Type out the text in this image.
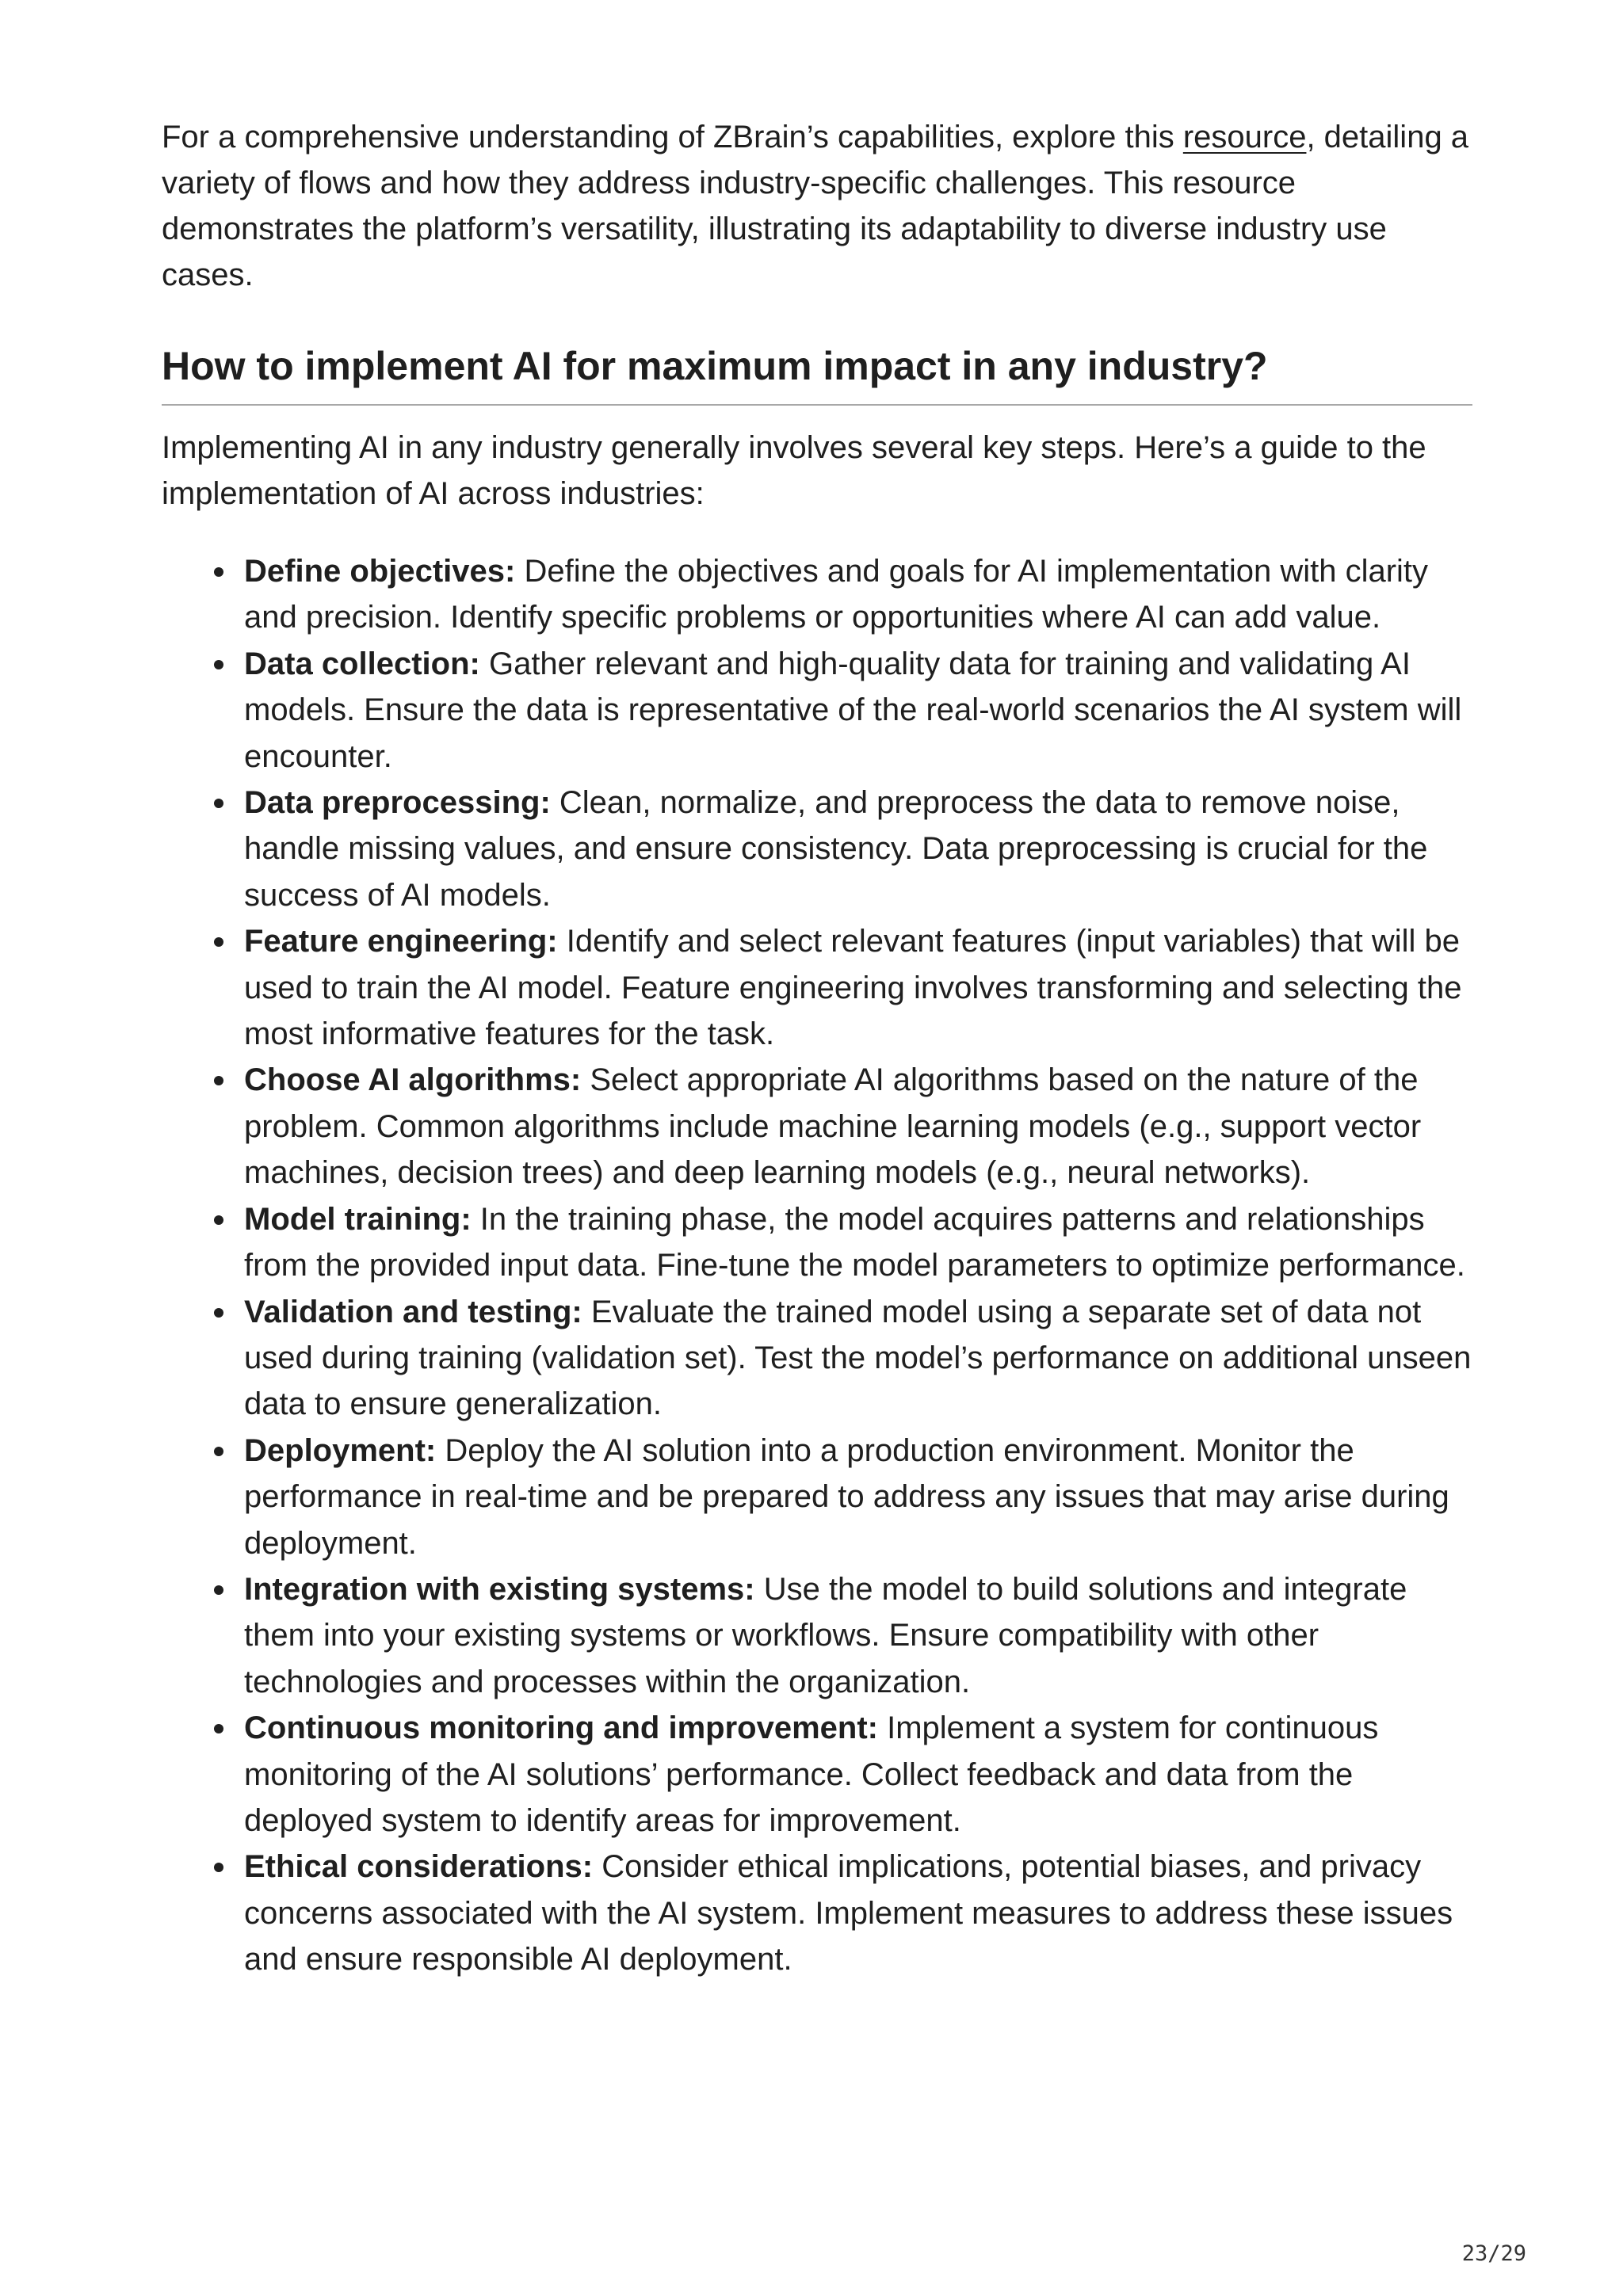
For a comprehensive understanding of ZBrain’s capabilities, explore this resource, detailing a variety of flows and how they address industry-specific challenges. This resource demonstrates the platform’s versatility, illustrating its adaptability to diverse industry use cases.

How to implement AI for maximum impact in any industry?

Implementing AI in any industry generally involves several key steps. Here’s a guide to the implementation of AI across industries:

Define objectives: Define the objectives and goals for AI implementation with clarity and precision. Identify specific problems or opportunities where AI can add value.
Data collection: Gather relevant and high-quality data for training and validating AI models. Ensure the data is representative of the real-world scenarios the AI system will encounter.
Data preprocessing: Clean, normalize, and preprocess the data to remove noise, handle missing values, and ensure consistency. Data preprocessing is crucial for the success of AI models.
Feature engineering: Identify and select relevant features (input variables) that will be used to train the AI model. Feature engineering involves transforming and selecting the most informative features for the task.
Choose AI algorithms: Select appropriate AI algorithms based on the nature of the problem. Common algorithms include machine learning models (e.g., support vector machines, decision trees) and deep learning models (e.g., neural networks).
Model training: In the training phase, the model acquires patterns and relationships from the provided input data. Fine-tune the model parameters to optimize performance.
Validation and testing: Evaluate the trained model using a separate set of data not used during training (validation set). Test the model’s performance on additional unseen data to ensure generalization.
Deployment: Deploy the AI solution into a production environment. Monitor the performance in real-time and be prepared to address any issues that may arise during deployment.
Integration with existing systems: Use the model to build solutions and integrate them into your existing systems or workflows. Ensure compatibility with other technologies and processes within the organization.
Continuous monitoring and improvement: Implement a system for continuous monitoring of the AI solutions’ performance. Collect feedback and data from the deployed system to identify areas for improvement.
Ethical considerations: Consider ethical implications, potential biases, and privacy concerns associated with the AI system. Implement measures to address these issues and ensure responsible AI deployment.
23/29
